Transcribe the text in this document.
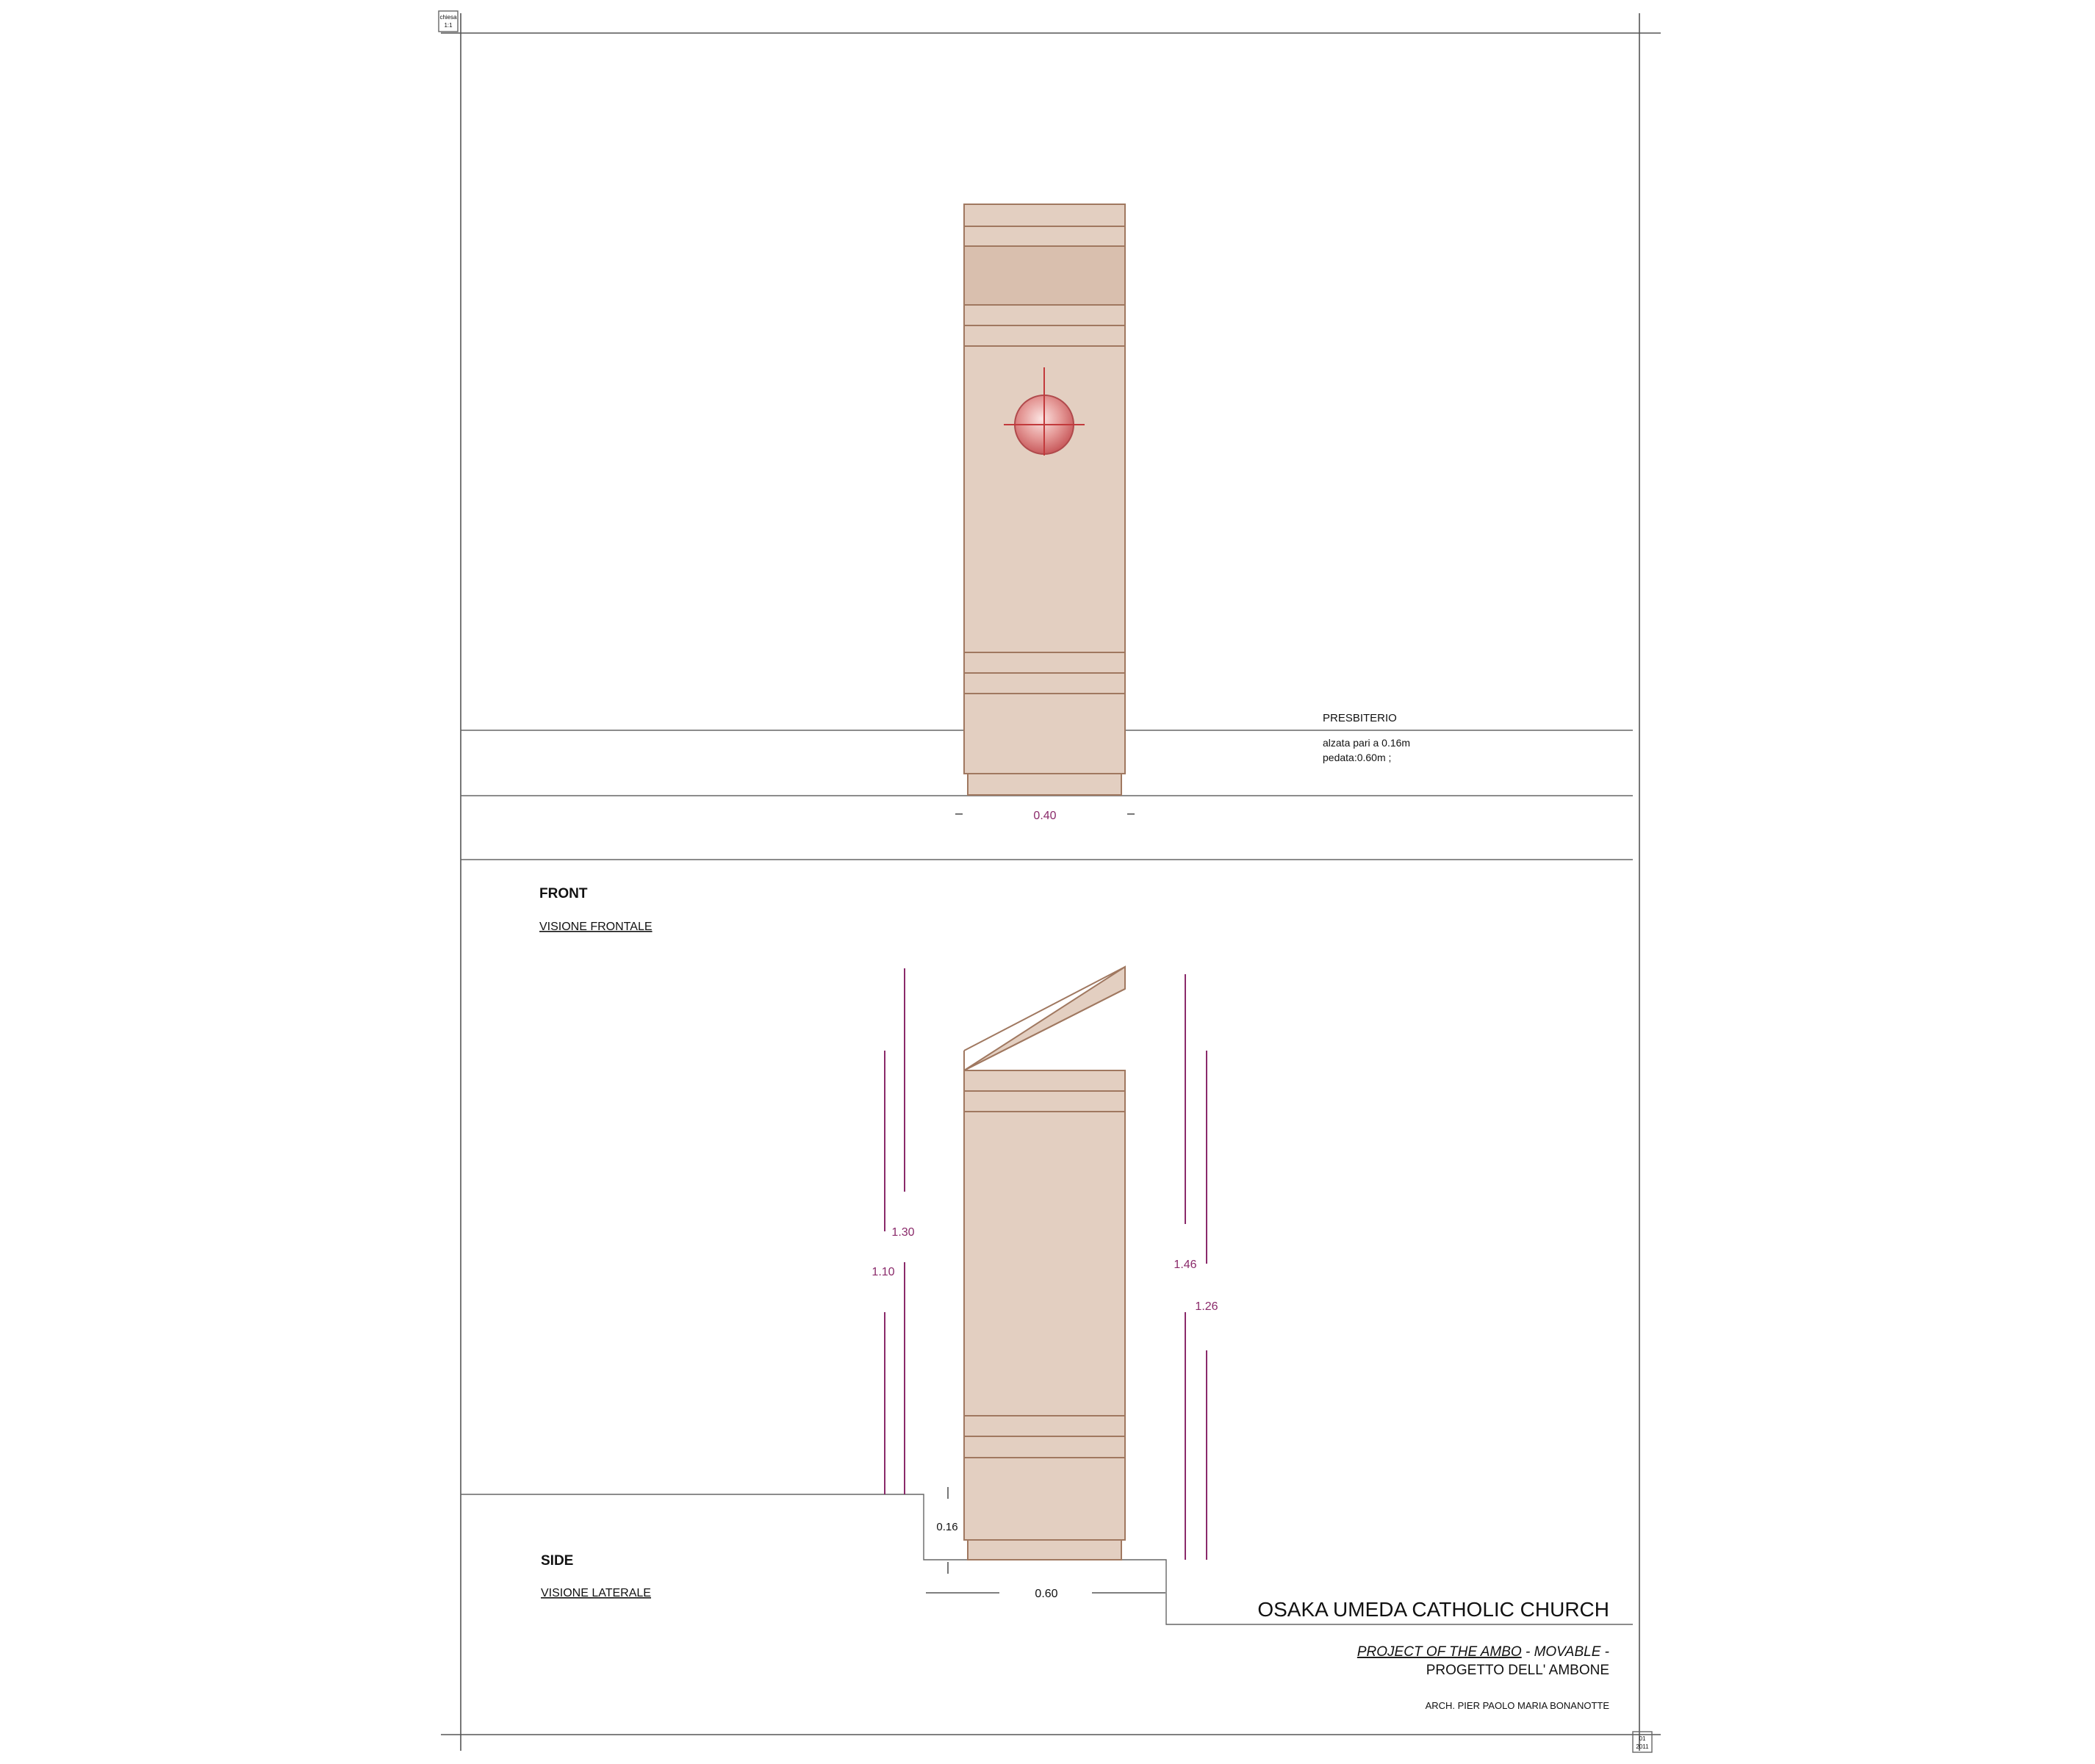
chiesa
1:1
01
2011
0.40
FRONT
VISIONE FRONTALE
PRESBITERIO
alzata pari a 0.16m
pedata:0.60m ;
1.30
1.10
1.46
1.26
0.16
0.60
SIDE
VISIONE LATERALE
OSAKA UMEDA CATHOLIC CHURCH
PROJECT OF THE AMBO - MOVABLE -
PROGETTO DELL' AMBONE
ARCH. PIER PAOLO MARIA BONANOTTE
